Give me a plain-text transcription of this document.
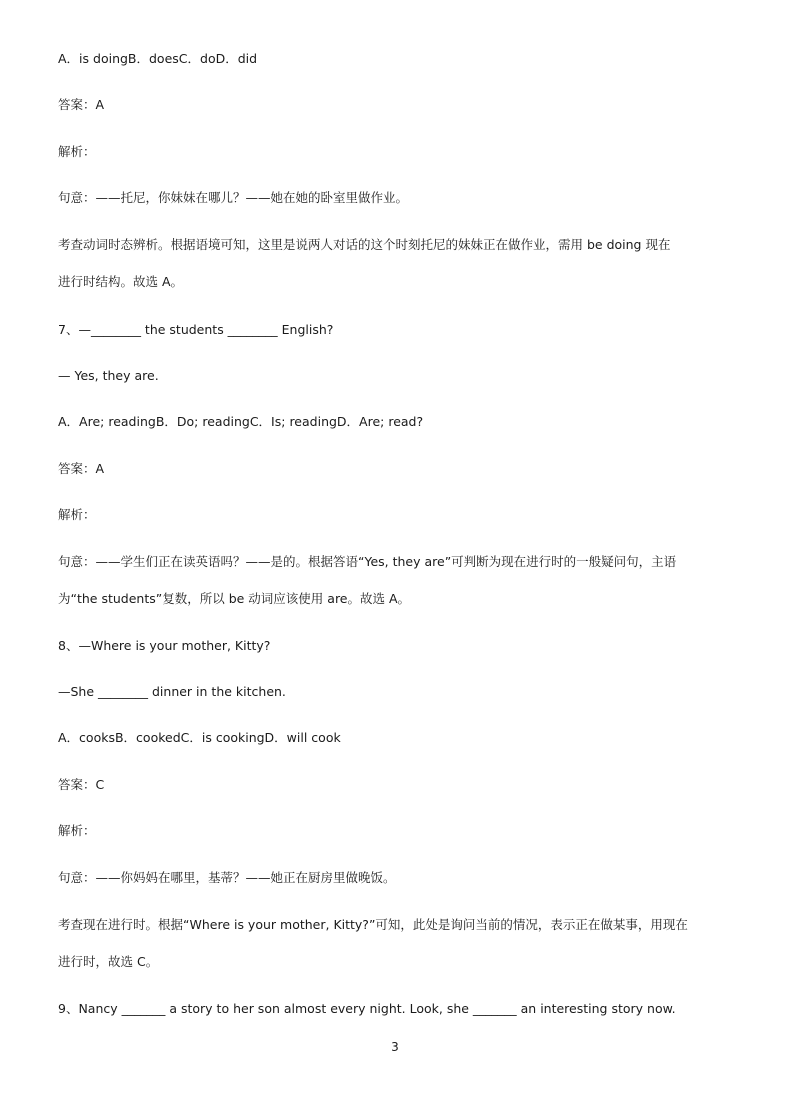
A．is doingB．doesC．doD．did
答案：A
解析：
句意：——托尼，你妹妹在哪儿？——她在她的卧室里做作业。
考查动词时态辨析。根据语境可知，这里是说两人对话的这个时刻托尼的妹妹正在做作业，需用 be doing 现在
进行时结构。故选 A。
7、—________ the students ________ English?
— Yes, they are.
A．Are; readingB．Do; readingC．Is; readingD．Are; read?
答案：A
解析：
句意：——学生们正在读英语吗？——是的。根据答语“Yes, they are”可判断为现在进行时的一般疑问句，主语
为“the students”复数，所以 be 动词应该使用 are。故选 A。
8、—Where is your mother, Kitty?
—She ________ dinner in the kitchen.
A．cooksB．cookedC．is cookingD．will cook
答案：C
解析：
句意：——你妈妈在哪里，基蒂？——她正在厨房里做晚饭。
考查现在进行时。根据“Where is your mother, Kitty?”可知，此处是询问当前的情况，表示正在做某事，用现在
进行时，故选 C。
9、Nancy _______ a story to her son almost every night. Look, she _______ an interesting story now.
3
